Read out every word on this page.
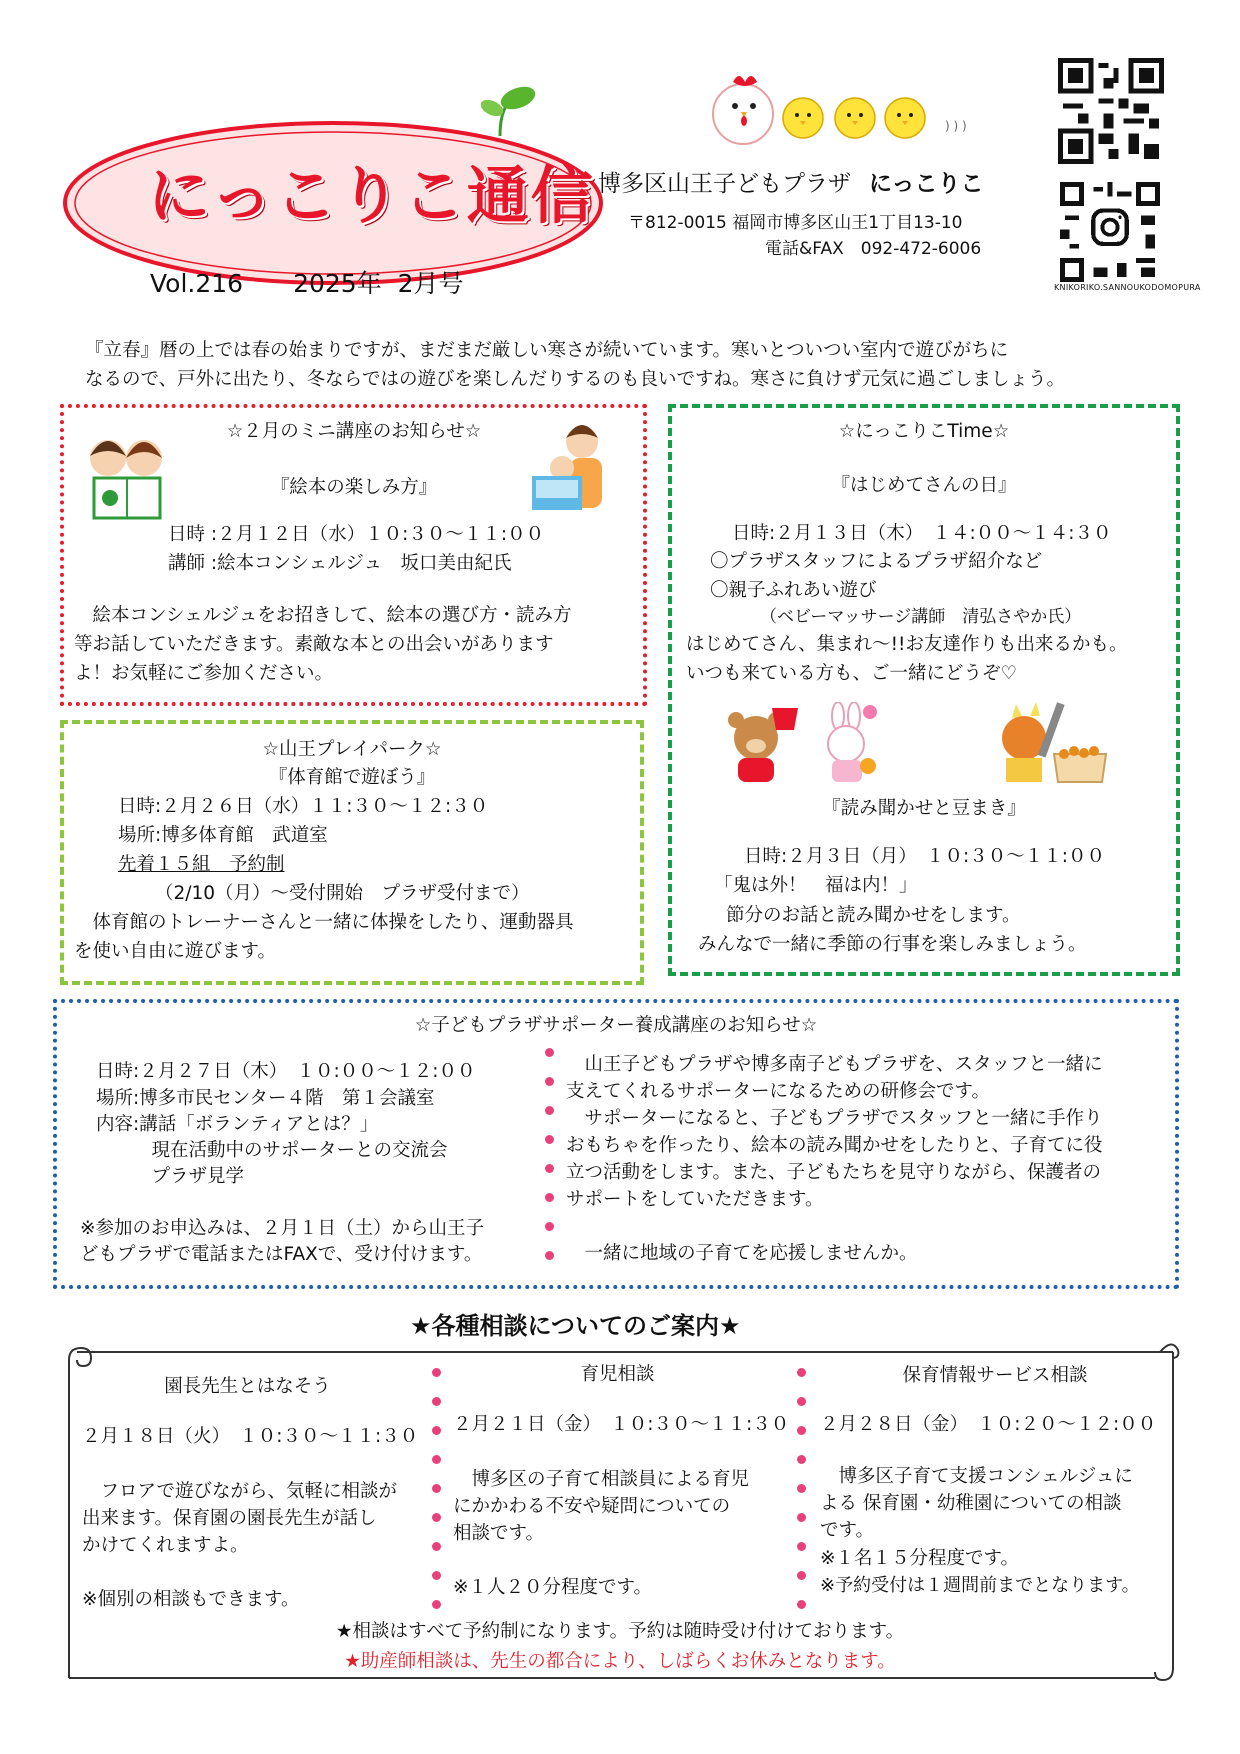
にっこりこ通信
Vol.216　　2025年  2月号
) ) )
博多区山王子どもプラザ にっこりこ
〒812-0015 福岡市博多区山王1丁目13-10
電話&FAX　092-472-6006
KNIKORIKO.SANNOUKODOMOPURA
『立春』暦の上では春の始まりですが、まだまだ厳しい寒さが続いています。寒いとついつい室内で遊びがちに
なるので、戸外に出たり、冬ならではの遊びを楽しんだりするのも良いですね。寒さに負けず元気に過ごしましょう。
☆２月のミニ講座のお知らせ☆
『絵本の楽しみ方』
日時 :２月１２日（水）１０:３０～１１:００
講師 :絵本コンシェルジュ　坂口美由紀氏
　絵本コンシェルジュをお招きして、絵本の選び方・読み方
等お話していただきます。素敵な本との出会いがあります
よ！お気軽にご参加ください。
☆山王プレイパーク☆
『体育館で遊ぼう』
日時:２月２６日（水）１１:３０～１２:３０
場所:博多体育館　武道室
先着１５組　予約制
（2/10（月）～受付開始　プラザ受付まで）
　体育館のトレーナーさんと一緒に体操をしたり、運動器具
を使い自由に遊びます。
☆にっこりこTime☆
『はじめてさんの日』
日時:２月１３日（木）　１４:００～１４:３０
〇プラザスタッフによるプラザ紹介など
〇親子ふれあい遊び
（ベビーマッサージ講師　清弘さやか氏）
はじめてさん、集まれ～!!お友達作りも出来るかも。
いつも来ている方も、ご一緒にどうぞ♡
『読み聞かせと豆まき』
日時:２月３日（月）　１０:３０～１１:００
「鬼は外！　福は内！」
節分のお話と読み聞かせをします。
みんなで一緒に季節の行事を楽しみましょう。
☆子どもプラザサポーター養成講座のお知らせ☆
日時:２月２７日（木）　１０:００～１２:００
場所:博多市民センター４階　第１会議室
内容:講話「ボランティアとは？」
　　　現在活動中のサポーターとの交流会
　　　プラザ見学
※参加のお申込みは、２月１日（土）から山王子
どもプラザで電話またはFAXで、受け付けます。
　山王子どもプラザや博多南子どもプラザを、スタッフと一緒に
支えてくれるサポーターになるための研修会です。
　サポーターになると、子どもプラザでスタッフと一緒に手作り
おもちゃを作ったり、絵本の読み聞かせをしたりと、子育てに役
立つ活動をします。また、子どもたちを見守りながら、保護者の
サポートをしていただきます。
　一緒に地域の子育てを応援しませんか。
★各種相談についてのご案内★
園長先生とはなそう
２月１８日（火）　１０:３０～１１:３０
　フロアで遊びながら、気軽に相談が
出来ます。保育園の園長先生が話し
かけてくれますよ。
※個別の相談もできます。
育児相談
２月２１日（金）　１０:３０～１１:３０
　博多区の子育て相談員による育児
にかかわる不安や疑問についての
相談です。
※１人２０分程度です。
保育情報サービス相談
２月２８日（金）　１０:２０～１２:００
　博多区子育て支援コンシェルジュに
よる 保育園・幼稚園についての相談
です。
※１名１５分程度です。
※予約受付は１週間前までとなります。
★相談はすべて予約制になります。予約は随時受け付けております。
★助産師相談は、先生の都合により、しばらくお休みとなります。
